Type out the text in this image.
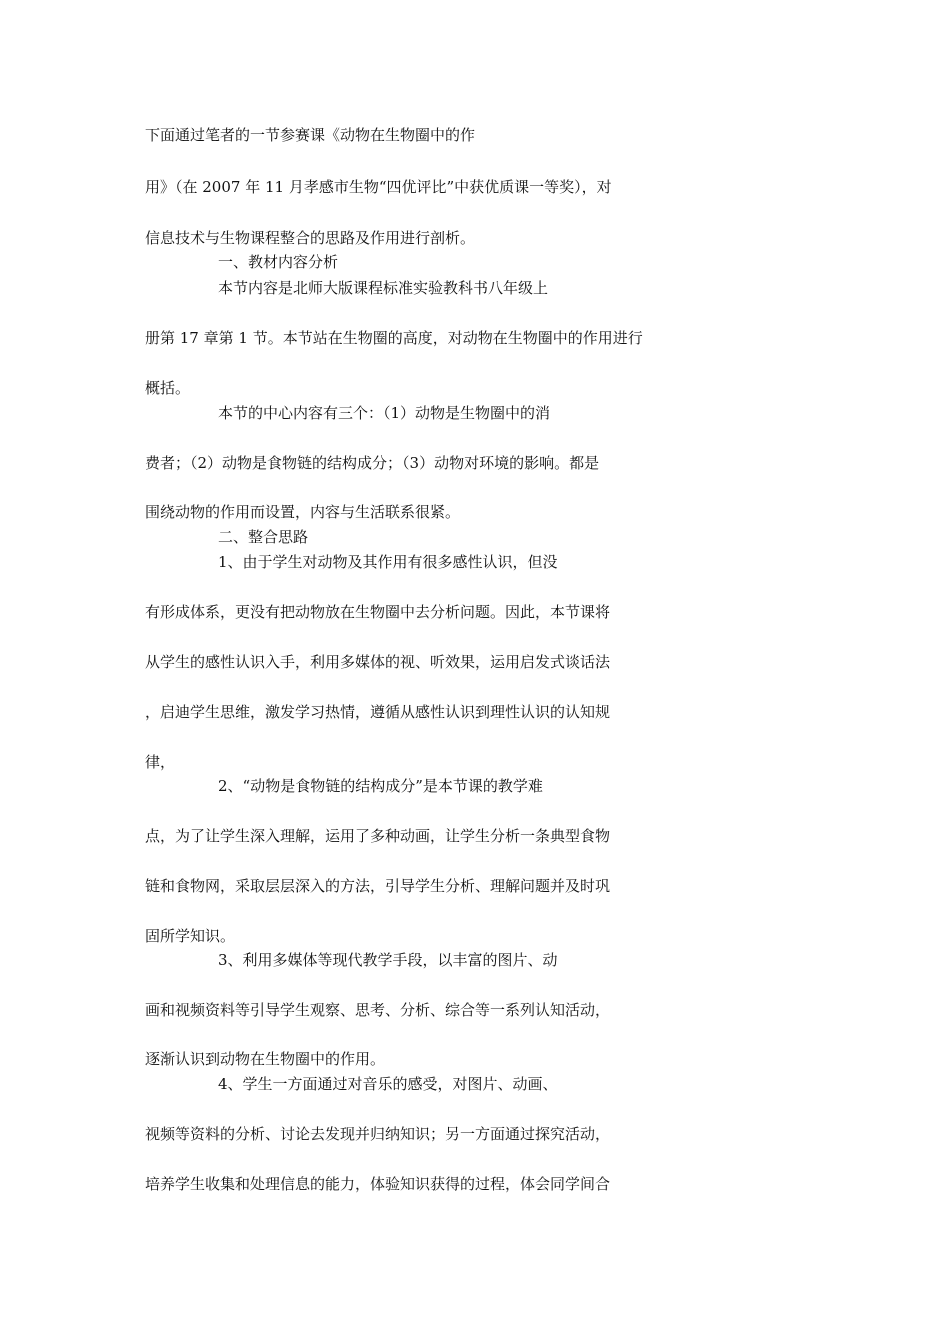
下面通过笔者的一节参赛课《动物在生物圈中的作
用》（在 2007 年 11 月孝感市生物“四优评比”中获优质课一等奖），对
信息技术与生物课程整合的思路及作用进行剖析。
一、教材内容分析
本节内容是北师大版课程标准实验教科书八年级上
册第 17 章第 1 节。本节站在生物圈的高度，对动物在生物圈中的作用进行
概括。
本节的中心内容有三个：（1）动物是生物圈中的消
费者；（2）动物是食物链的结构成分；（3）动物对环境的影响。都是
围绕动物的作用而设置，内容与生活联系很紧。
二、整合思路
1、由于学生对动物及其作用有很多感性认识，但没
有形成体系，更没有把动物放在生物圈中去分析问题。因此，本节课将
从学生的感性认识入手，利用多媒体的视、听效果，运用启发式谈话法
，启迪学生思维，激发学习热情，遵循从感性认识到理性认识的认知规
律，
2、“动物是食物链的结构成分”是本节课的教学难
点，为了让学生深入理解，运用了多种动画，让学生分析一条典型食物
链和食物网，采取层层深入的方法，引导学生分析、理解问题并及时巩
固所学知识。
3、利用多媒体等现代教学手段，以丰富的图片、动
画和视频资料等引导学生观察、思考、分析、综合等一系列认知活动，
逐渐认识到动物在生物圈中的作用。
4、学生一方面通过对音乐的感受，对图片、动画、
视频等资料的分析、讨论去发现并归纳知识；另一方面通过探究活动，
培养学生收集和处理信息的能力，体验知识获得的过程，体会同学间合
